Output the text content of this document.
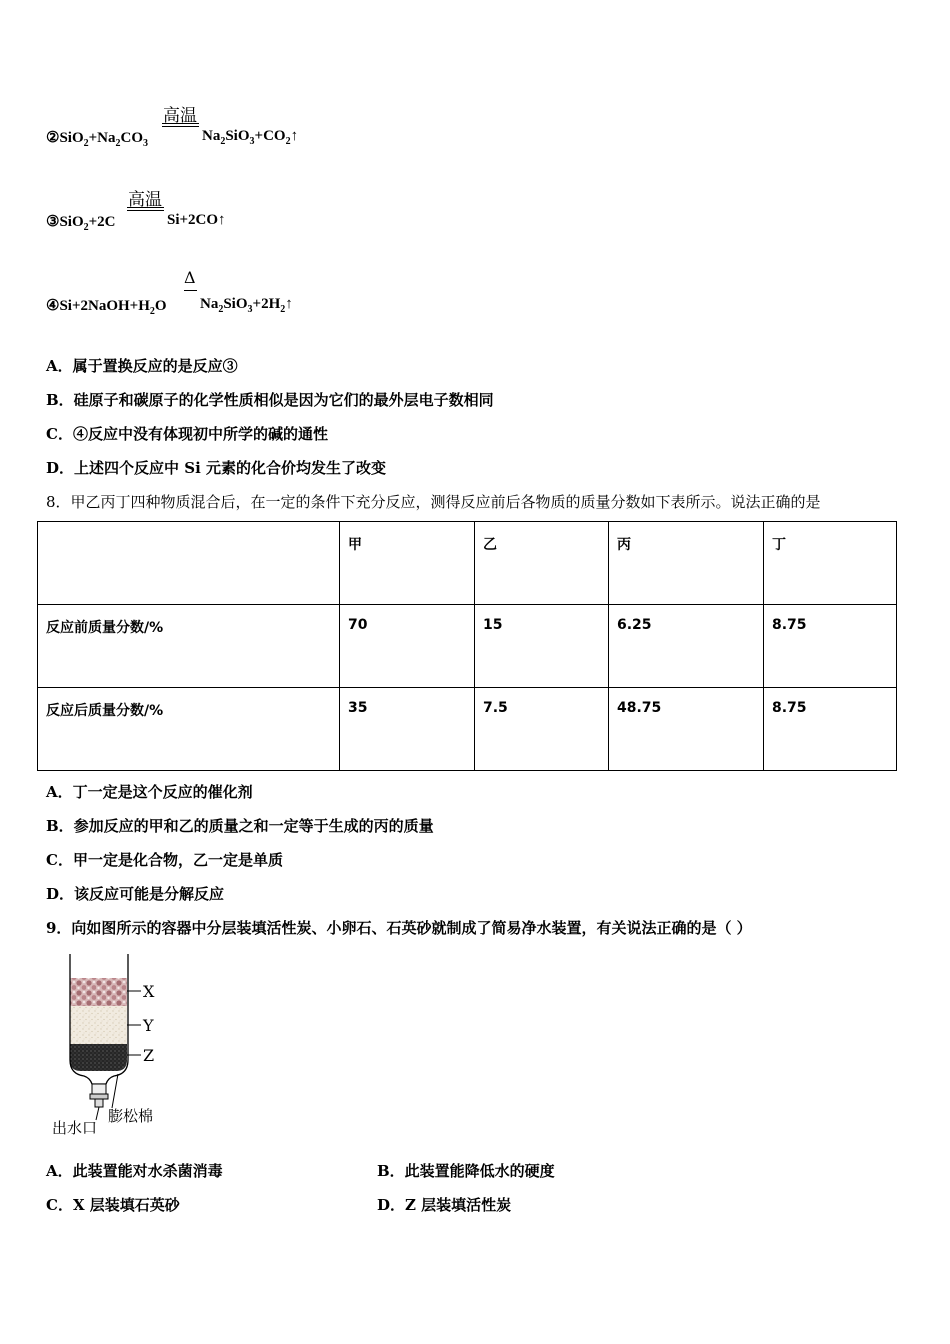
$②SiO_2+Na_2CO_3$
高温
$Na_2SiO_3+CO_2↑$
③SiO$_2$+2C
高温
Si+2CO↑
$④Si+2NaOH+H_2O$
Δ
$Na_2SiO_3+2H_2↑$
A．属于置换反应的是反应③
B．硅原子和碳原子的化学性质相似是因为它们的最外层电子数相同
C．④反应中没有体现初中所学的碱的通性
D．上述四个反应中 Si 元素的化合价均发生了改变
8．甲乙丙丁四种物质混合后，在一定的条件下充分反应，测得反应前后各物质的质量分数如下表所示。说法正确的是
	甲	乙	丙	丁
反应前质量分数/%	70	15	6.25	8.75
反应后质量分数/%	35	7.5	48.75	8.75
A．丁一定是这个反应的催化剂
B．参加反应的甲和乙的质量之和一定等于生成的丙的质量
C．甲一定是化合物，乙一定是单质
D．该反应可能是分解反应
9．向如图所示的容器中分层装填活性炭、小卵石、石英砂就制成了简易净水装置，有关说法正确的是（ ）
X
Y
Z
膨松棉
出水口
A．此装置能对水杀菌消毒	B．此装置能降低水的硬度
C．X 层装填石英砂	D．Z 层装填活性炭
